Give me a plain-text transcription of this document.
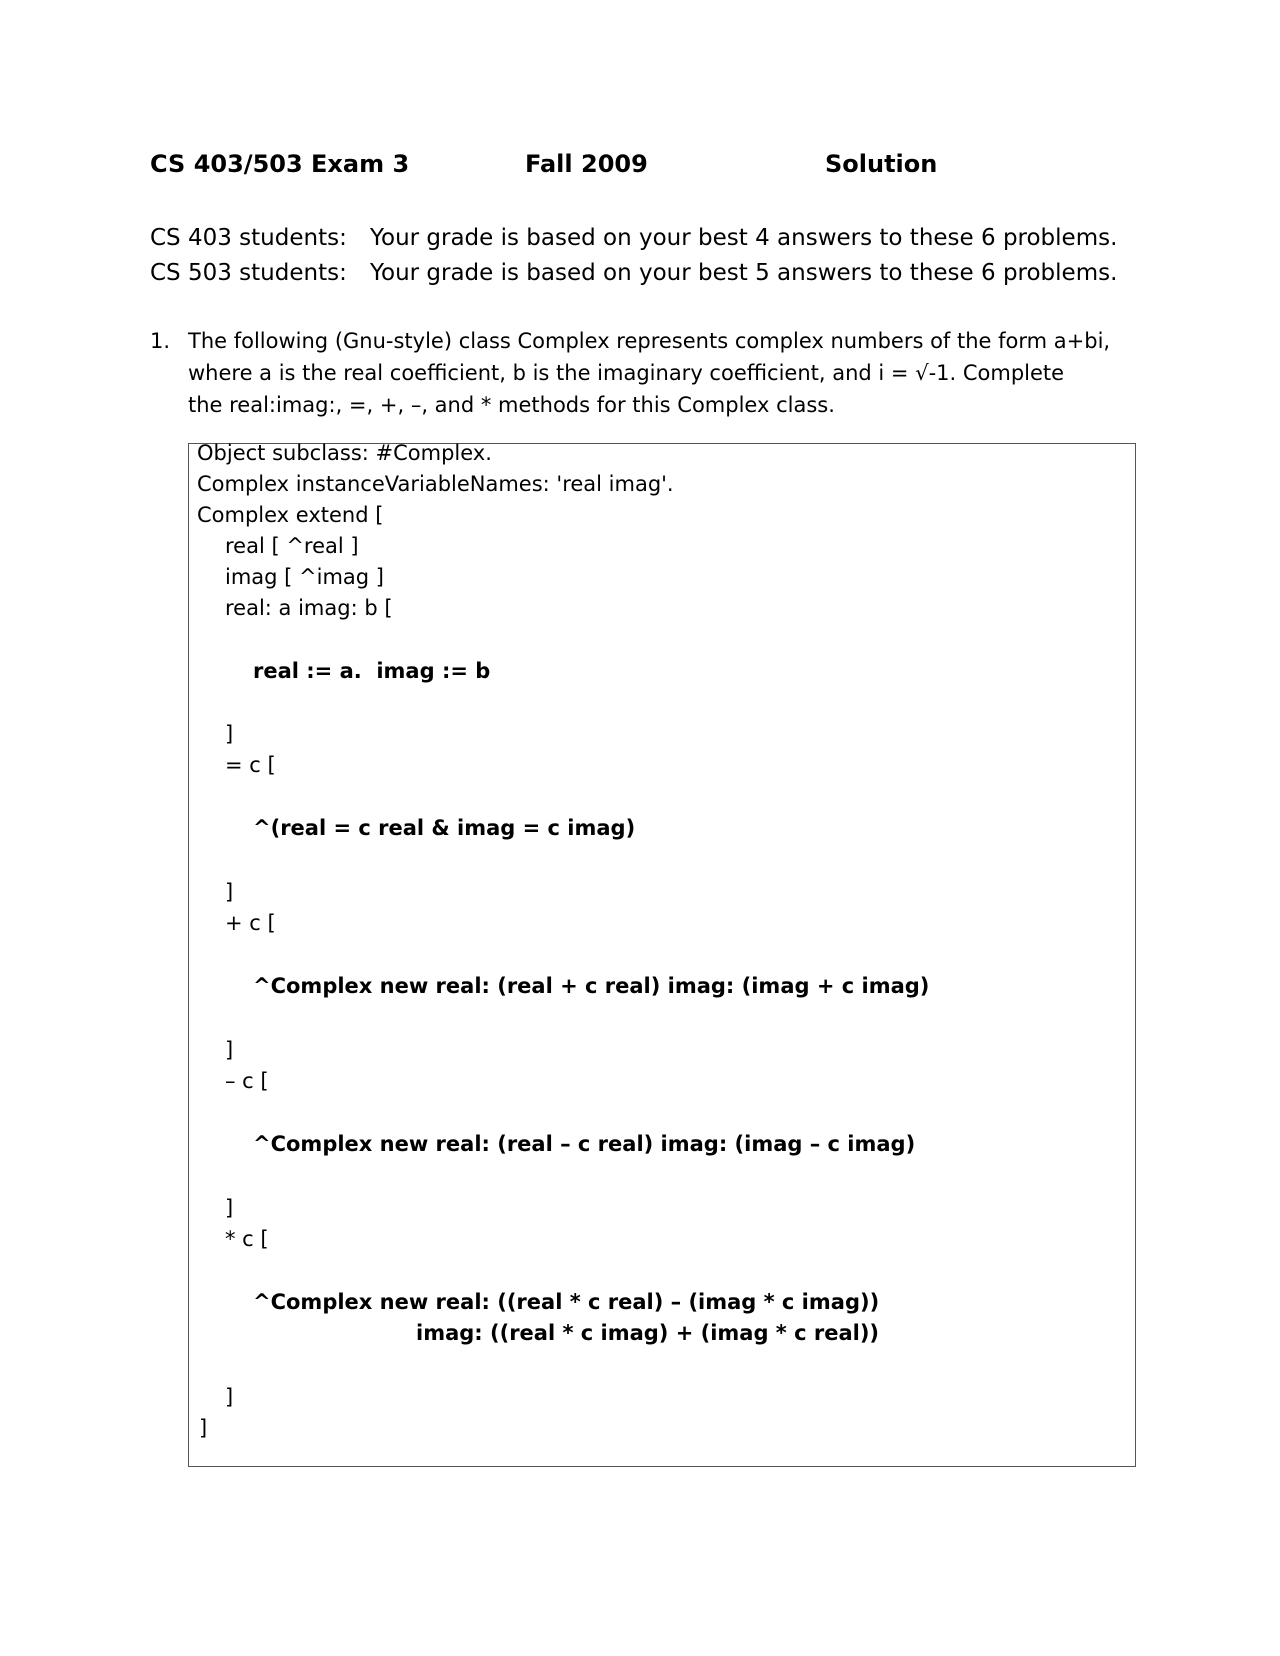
CS 403/503 Exam 3	Fall 2009	Solution
CS 403 students: Your grade is based on your best 4 answers to these 6 problems.
CS 503 students: Your grade is based on your best 5 answers to these 6 problems.
1. The following (Gnu-style) class Complex represents complex numbers of the form a+bi,
where a is the real coefficient, b is the imaginary coefficient, and i = √-1. Complete
the real:imag:, =, +, –, and * methods for this Complex class.
Object subclass: #Complex.
Complex instanceVariableNames: 'real imag'.
Complex extend [
real [ ^real ]
imag [ ^imag ]
real: a imag: b [
real := a.  imag := b
]
= c [
^(real = c real & imag = c imag)
]
+ c [
^Complex new real: (real + c real) imag: (imag + c imag)
]
– c [
^Complex new real: (real – c real) imag: (imag – c imag)
]
* c [
^Complex new real: ((real * c real) – (imag * c imag))
imag: ((real * c imag) + (imag * c real))
]
]
